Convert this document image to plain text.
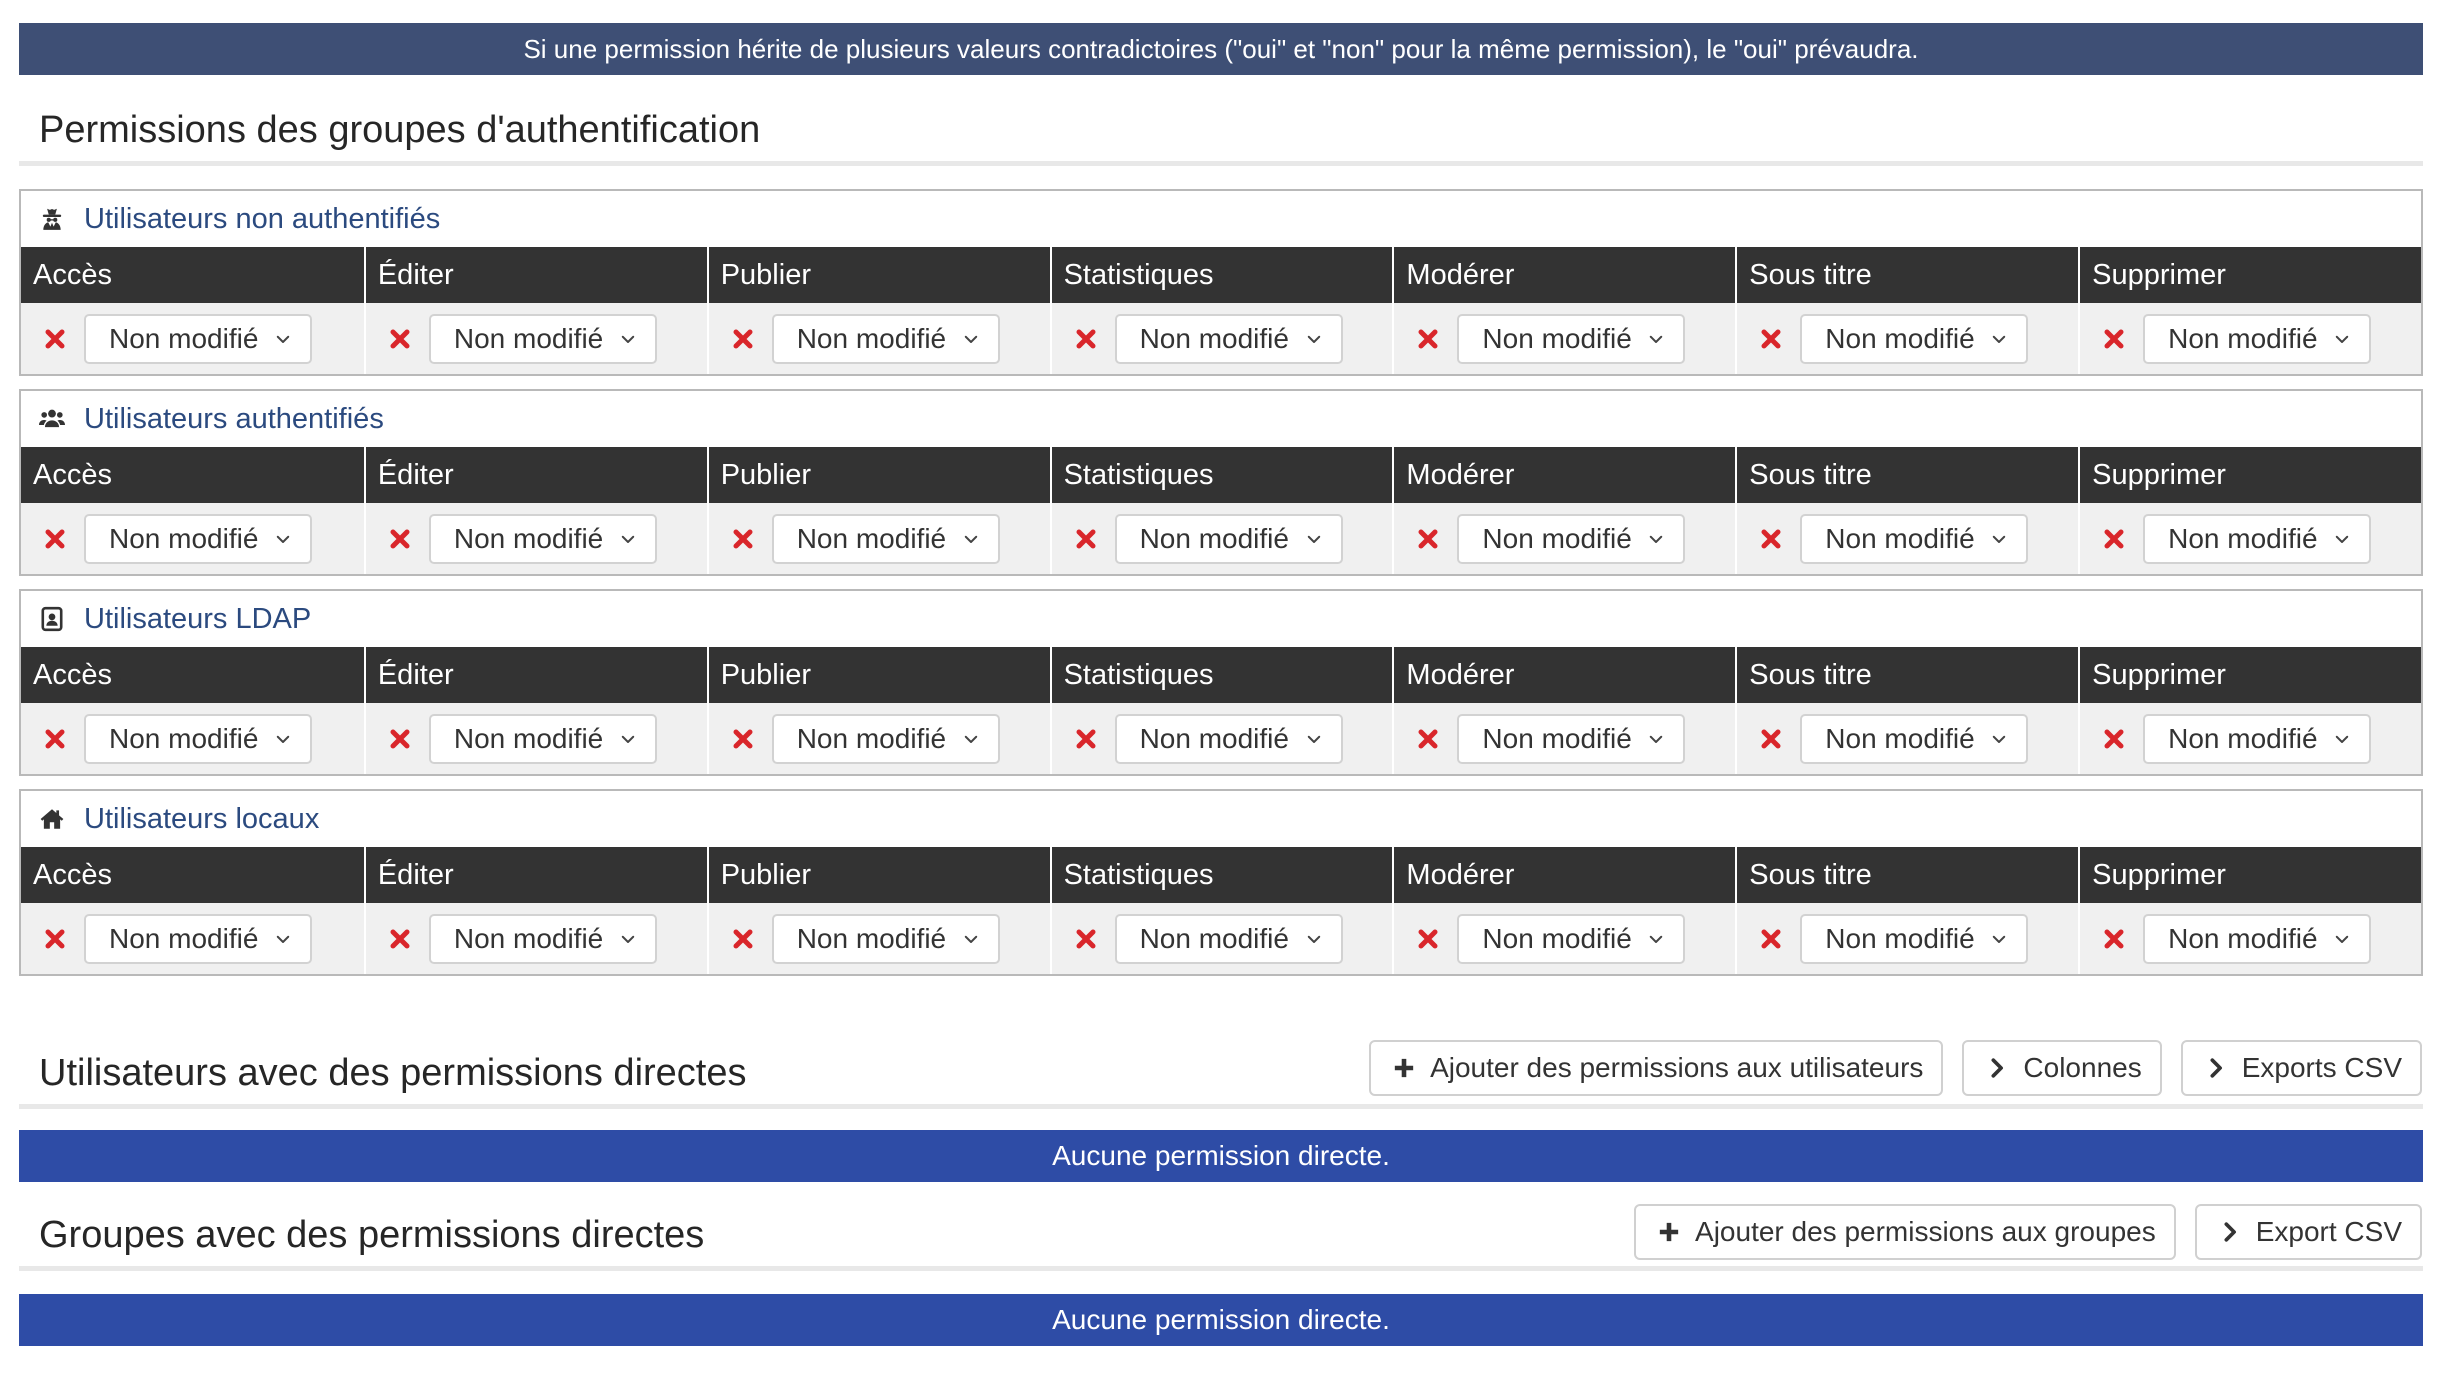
Si une permission hérite de plusieurs valeurs contradictoires ("oui" et "non" pour la même permission), le "oui" prévaudra.
Permissions des groupes d'authentification
Utilisateurs non authentifiés
Accès	Éditer	Publier	Statistiques	Modérer	Sous titre	Supprimer
Non modifié	Non modifié	Non modifié	Non modifié	Non modifié	Non modifié	Non modifié
Utilisateurs authentifiés
Accès	Éditer	Publier	Statistiques	Modérer	Sous titre	Supprimer
Non modifié	Non modifié	Non modifié	Non modifié	Non modifié	Non modifié	Non modifié
Utilisateurs LDAP
Accès	Éditer	Publier	Statistiques	Modérer	Sous titre	Supprimer
Non modifié	Non modifié	Non modifié	Non modifié	Non modifié	Non modifié	Non modifié
Utilisateurs locaux
Accès	Éditer	Publier	Statistiques	Modérer	Sous titre	Supprimer
Non modifié	Non modifié	Non modifié	Non modifié	Non modifié	Non modifié	Non modifié
Utilisateurs avec des permissions directes	Ajouter des permissions aux utilisateurs	Colonnes	Exports CSV
Aucune permission directe.
Groupes avec des permissions directes	Ajouter des permissions aux groupes	Export CSV
Aucune permission directe.
